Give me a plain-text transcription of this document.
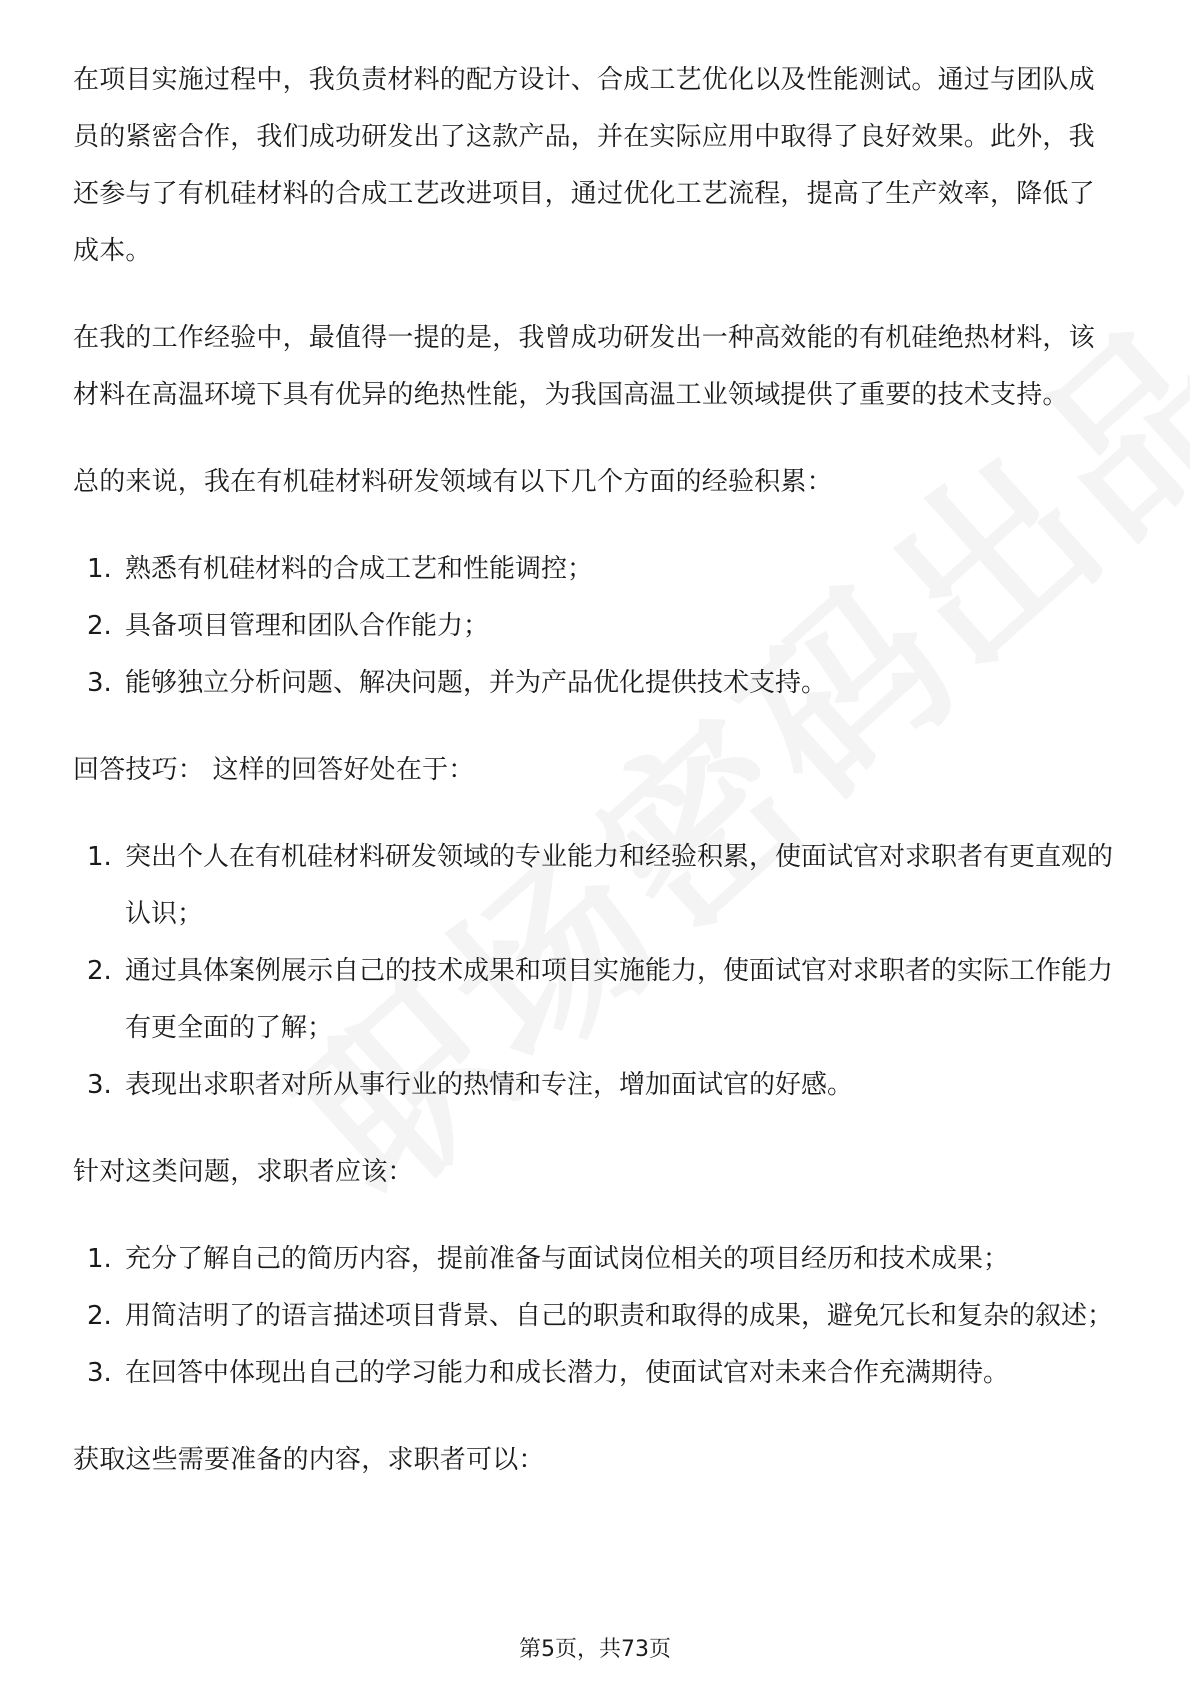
在项目实施过程中，我负责材料的配方设计、合成工艺优化以及性能测试。通过与团队成员的紧密合作，我们成功研发出了这款产品，并在实际应用中取得了良好效果。此外，我还参与了有机硅材料的合成工艺改进项目，通过优化工艺流程，提高了生产效率，降低了成本。

在我的工作经验中，最值得一提的是，我曾成功研发出一种高效能的有机硅绝热材料，该材料在高温环境下具有优异的绝热性能，为我国高温工业领域提供了重要的技术支持。

总的来说，我在有机硅材料研发领域有以下几个方面的经验积累：

1. 熟悉有机硅材料的合成工艺和性能调控；
2. 具备项目管理和团队合作能力；
3. 能够独立分析问题、解决问题，并为产品优化提供技术支持。

回答技巧： 这样的回答好处在于：

1. 突出个人在有机硅材料研发领域的专业能力和经验积累，使面试官对求职者有更直观的认识；
2. 通过具体案例展示自己的技术成果和项目实施能力，使面试官对求职者的实际工作能力有更全面的了解；
3. 表现出求职者对所从事行业的热情和专注，增加面试官的好感。

针对这类问题，求职者应该：

1. 充分了解自己的简历内容，提前准备与面试岗位相关的项目经历和技术成果；
2. 用简洁明了的语言描述项目背景、自己的职责和取得的成果，避免冗长和复杂的叙述；
3. 在回答中体现出自己的学习能力和成长潜力，使面试官对未来合作充满期待。

获取这些需要准备的内容，求职者可以：

第5页，共73页
